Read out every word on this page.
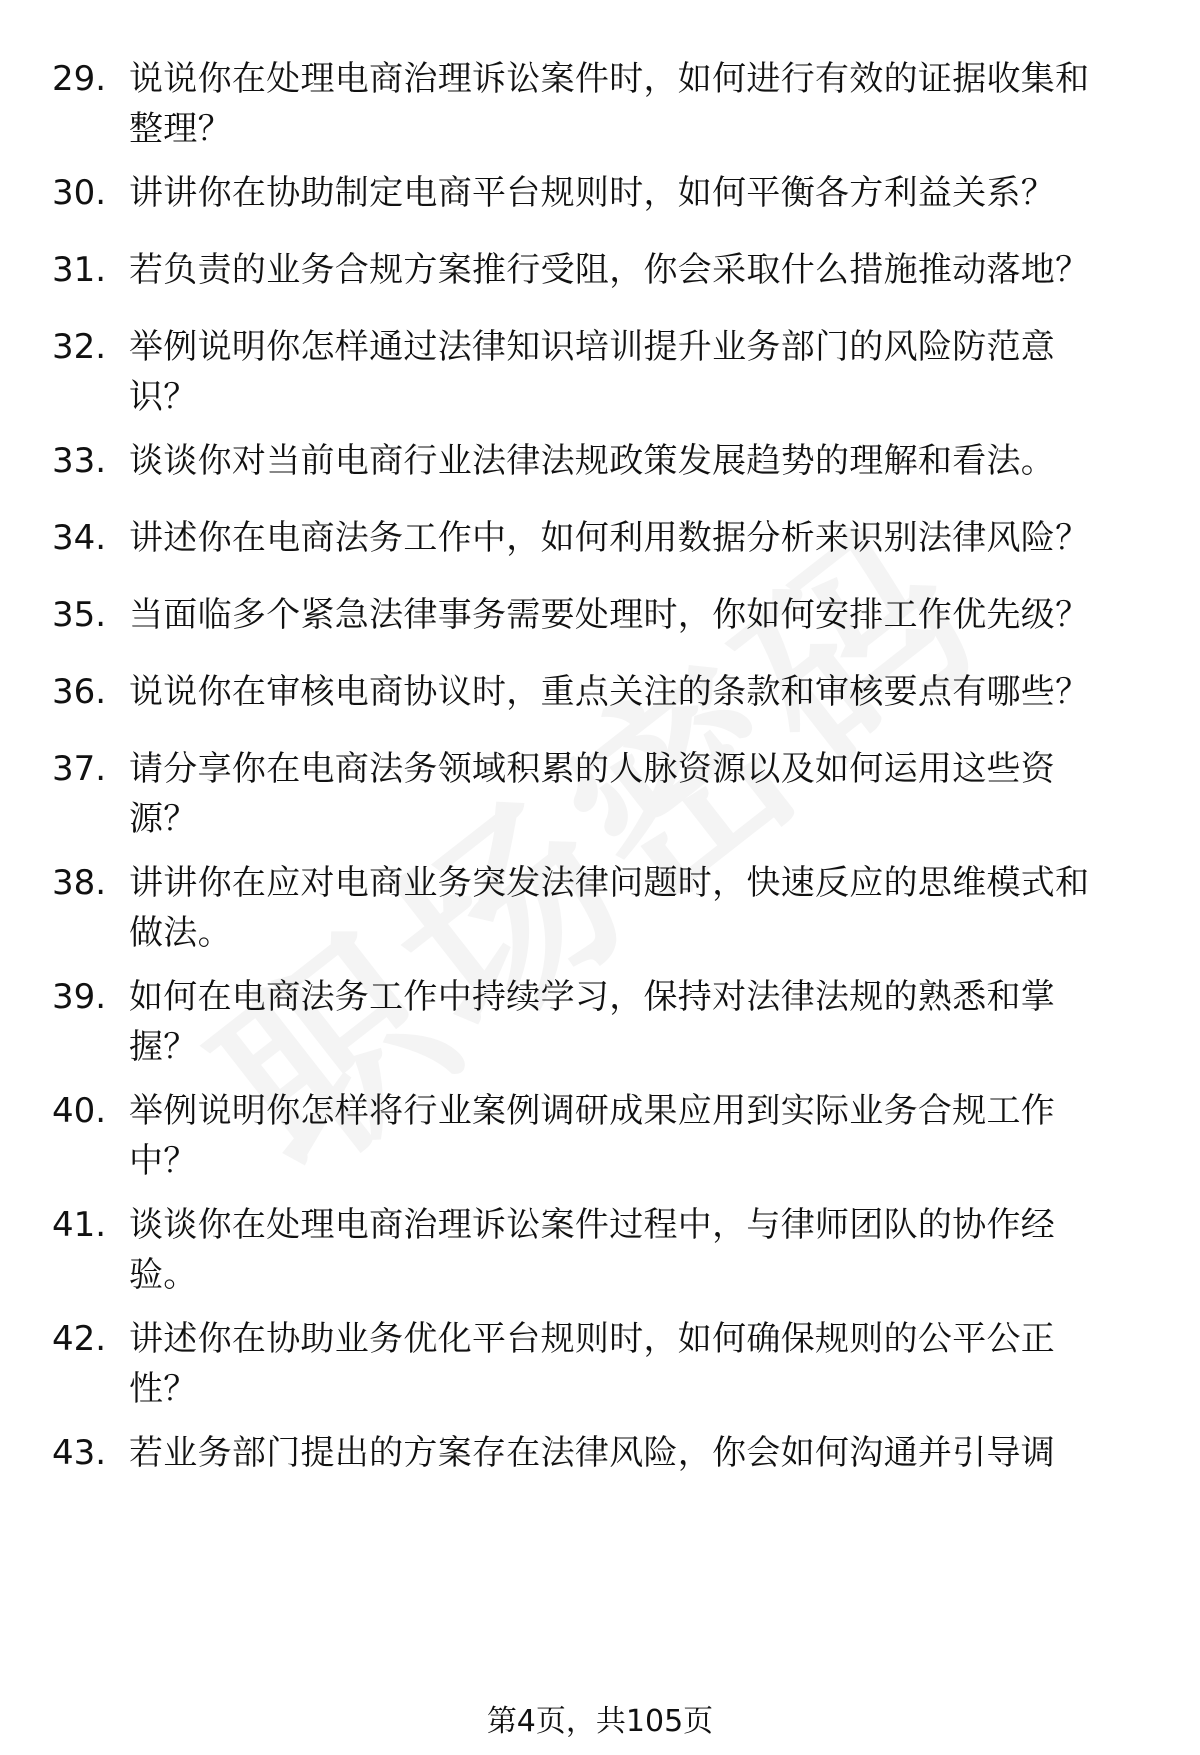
29. 说说你在处理电商治理诉讼案件时，如何进行有效的证据收集和
整理？
30. 讲讲你在协助制定电商平台规则时，如何平衡各方利益关系？
31. 若负责的业务合规方案推行受阻，你会采取什么措施推动落地？
32. 举例说明你怎样通过法律知识培训提升业务部门的风险防范意
识？
33. 谈谈你对当前电商行业法律法规政策发展趋势的理解和看法。
34. 讲述你在电商法务工作中，如何利用数据分析来识别法律风险？
35. 当面临多个紧急法律事务需要处理时，你如何安排工作优先级？
36. 说说你在审核电商协议时，重点关注的条款和审核要点有哪些？
37. 请分享你在电商法务领域积累的人脉资源以及如何运用这些资
源？
38. 讲讲你在应对电商业务突发法律问题时，快速反应的思维模式和
做法。
39. 如何在电商法务工作中持续学习，保持对法律法规的熟悉和掌
握？
40. 举例说明你怎样将行业案例调研成果应用到实际业务合规工作
中？
41. 谈谈你在处理电商治理诉讼案件过程中，与律师团队的协作经
验。
42. 讲述你在协助业务优化平台规则时，如何确保规则的公平公正
性？
43. 若业务部门提出的方案存在法律风险，你会如何沟通并引导调
第4页，共105页
